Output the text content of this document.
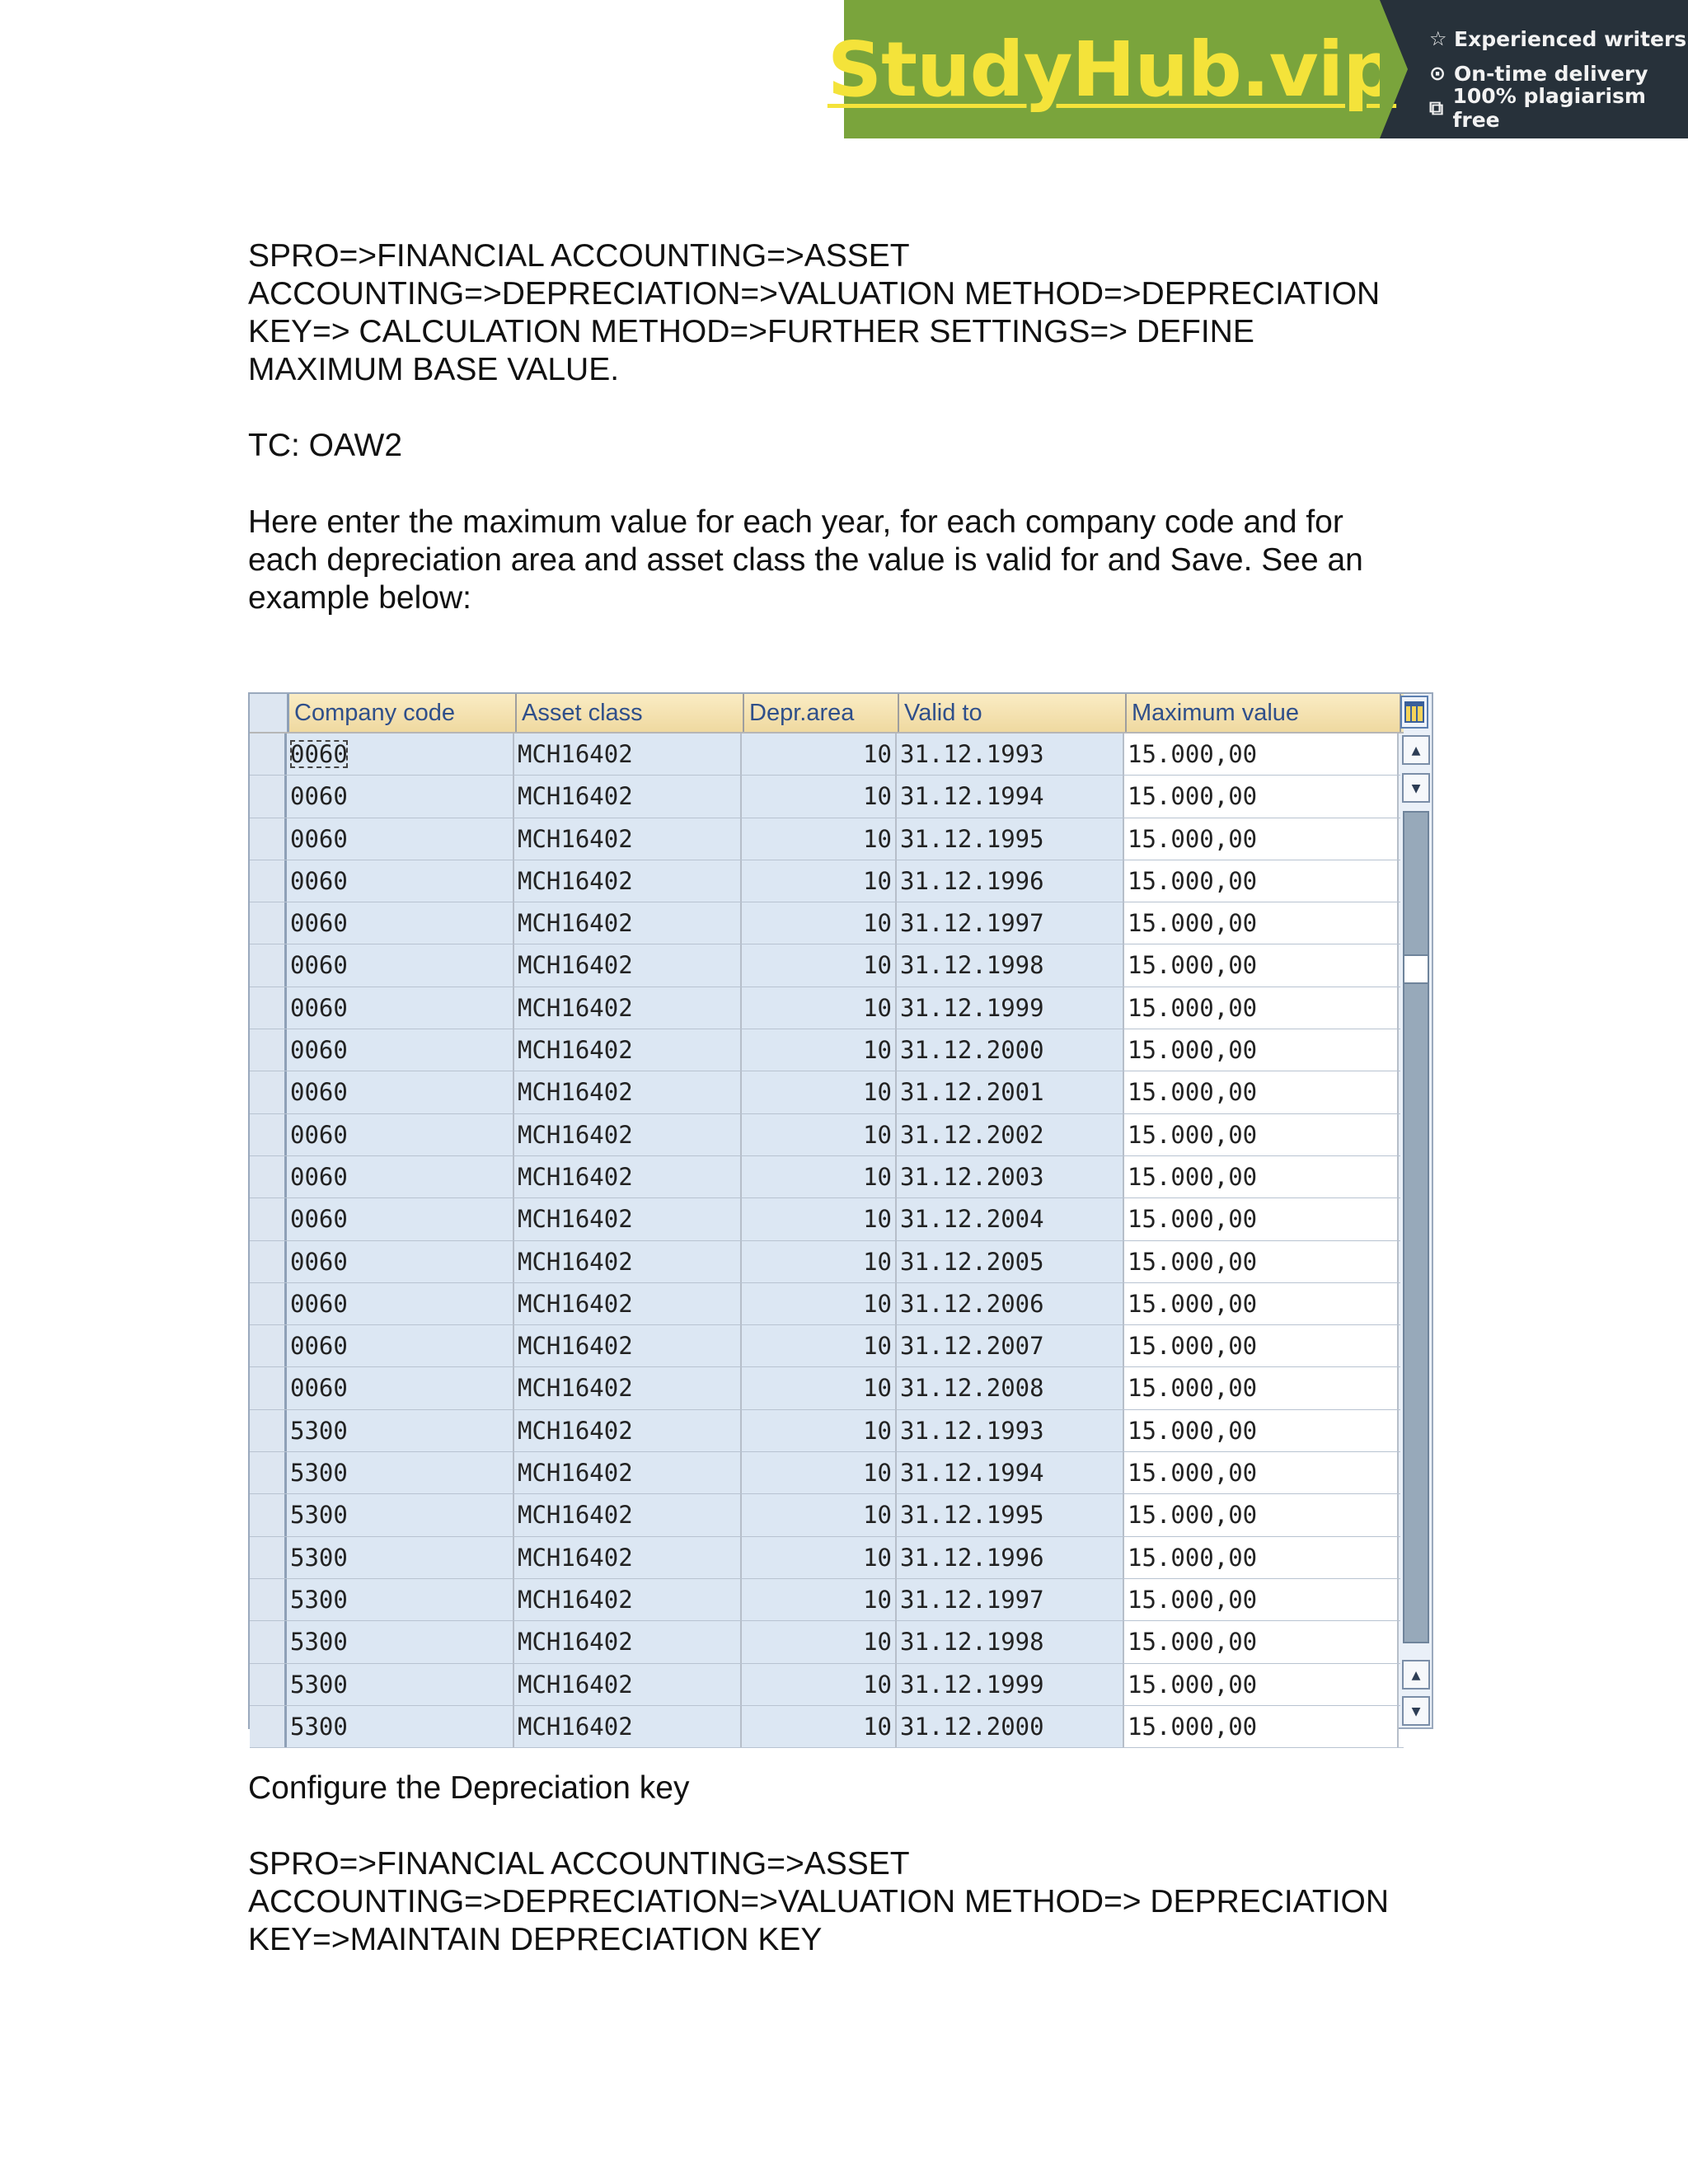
StudyHub.vip ☆ Experienced writers
⊙ On-time delivery
⧉ 100% plagiarism free
SPRO=>FINANCIAL ACCOUNTING=>ASSET
ACCOUNTING=>DEPRECIATION=>VALUATION METHOD=>DEPRECIATION
KEY=> CALCULATION METHOD=>FURTHER SETTINGS=> DEFINE
MAXIMUM BASE VALUE.
TC: OAW2
Here enter the maximum value for each year, for each company code and for
each depreciation area and asset class the value is valid for and Save. See an
example below:
Company code	Asset class	Depr.area	Valid to	Maximum value
0060	MCH16402	10 31.12.1993	15.000,00
0060	MCH16402	10 31.12.1994	15.000,00
0060	MCH16402	10 31.12.1995	15.000,00
0060	MCH16402	10 31.12.1996	15.000,00
0060	MCH16402	10 31.12.1997	15.000,00
0060	MCH16402	10 31.12.1998	15.000,00
0060	MCH16402	10 31.12.1999	15.000,00
0060	MCH16402	10 31.12.2000	15.000,00
0060	MCH16402	10 31.12.2001	15.000,00
0060	MCH16402	10 31.12.2002	15.000,00
0060	MCH16402	10 31.12.2003	15.000,00
0060	MCH16402	10 31.12.2004	15.000,00
0060	MCH16402	10 31.12.2005	15.000,00
0060	MCH16402	10 31.12.2006	15.000,00
0060	MCH16402	10 31.12.2007	15.000,00
0060	MCH16402	10 31.12.2008	15.000,00
5300	MCH16402	10 31.12.1993	15.000,00
5300	MCH16402	10 31.12.1994	15.000,00
5300	MCH16402	10 31.12.1995	15.000,00
5300	MCH16402	10 31.12.1996	15.000,00
5300	MCH16402	10 31.12.1997	15.000,00
5300	MCH16402	10 31.12.1998	15.000,00
5300	MCH16402	10 31.12.1999	15.000,00
5300	MCH16402	10 31.12.2000	15.000,00
▲
▼
▲
▼
Configure the Depreciation key
SPRO=>FINANCIAL ACCOUNTING=>ASSET
ACCOUNTING=>DEPRECIATION=>VALUATION METHOD=> DEPRECIATION
KEY=>MAINTAIN DEPRECIATION KEY
